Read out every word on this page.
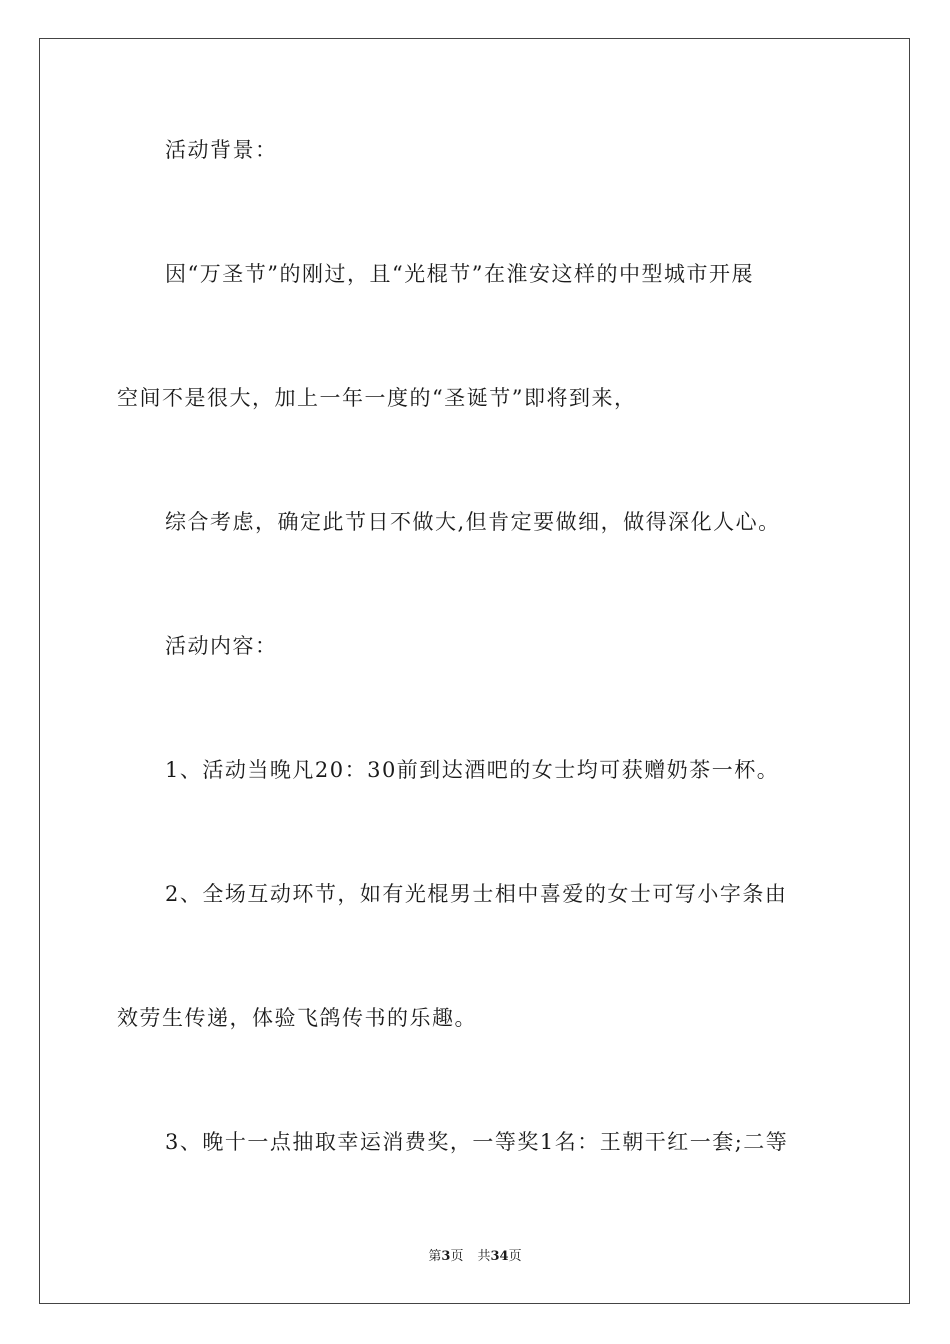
活动背景：
因“万圣节”的刚过，且“光棍节”在淮安这样的中型城市开展
空间不是很大，加上一年一度的“圣诞节”即将到来，
综合考虑，确定此节日不做大,但肯定要做细，做得深化人心。
活动内容：
1、活动当晚凡20：30前到达酒吧的女士均可获赠奶茶一杯。
2、全场互动环节，如有光棍男士相中喜爱的女士可写小字条由
效劳生传递，体验飞鸽传书的乐趣。
3、晚十一点抽取幸运消费奖，一等奖1名：王朝干红一套;二等
第3页 共34页
